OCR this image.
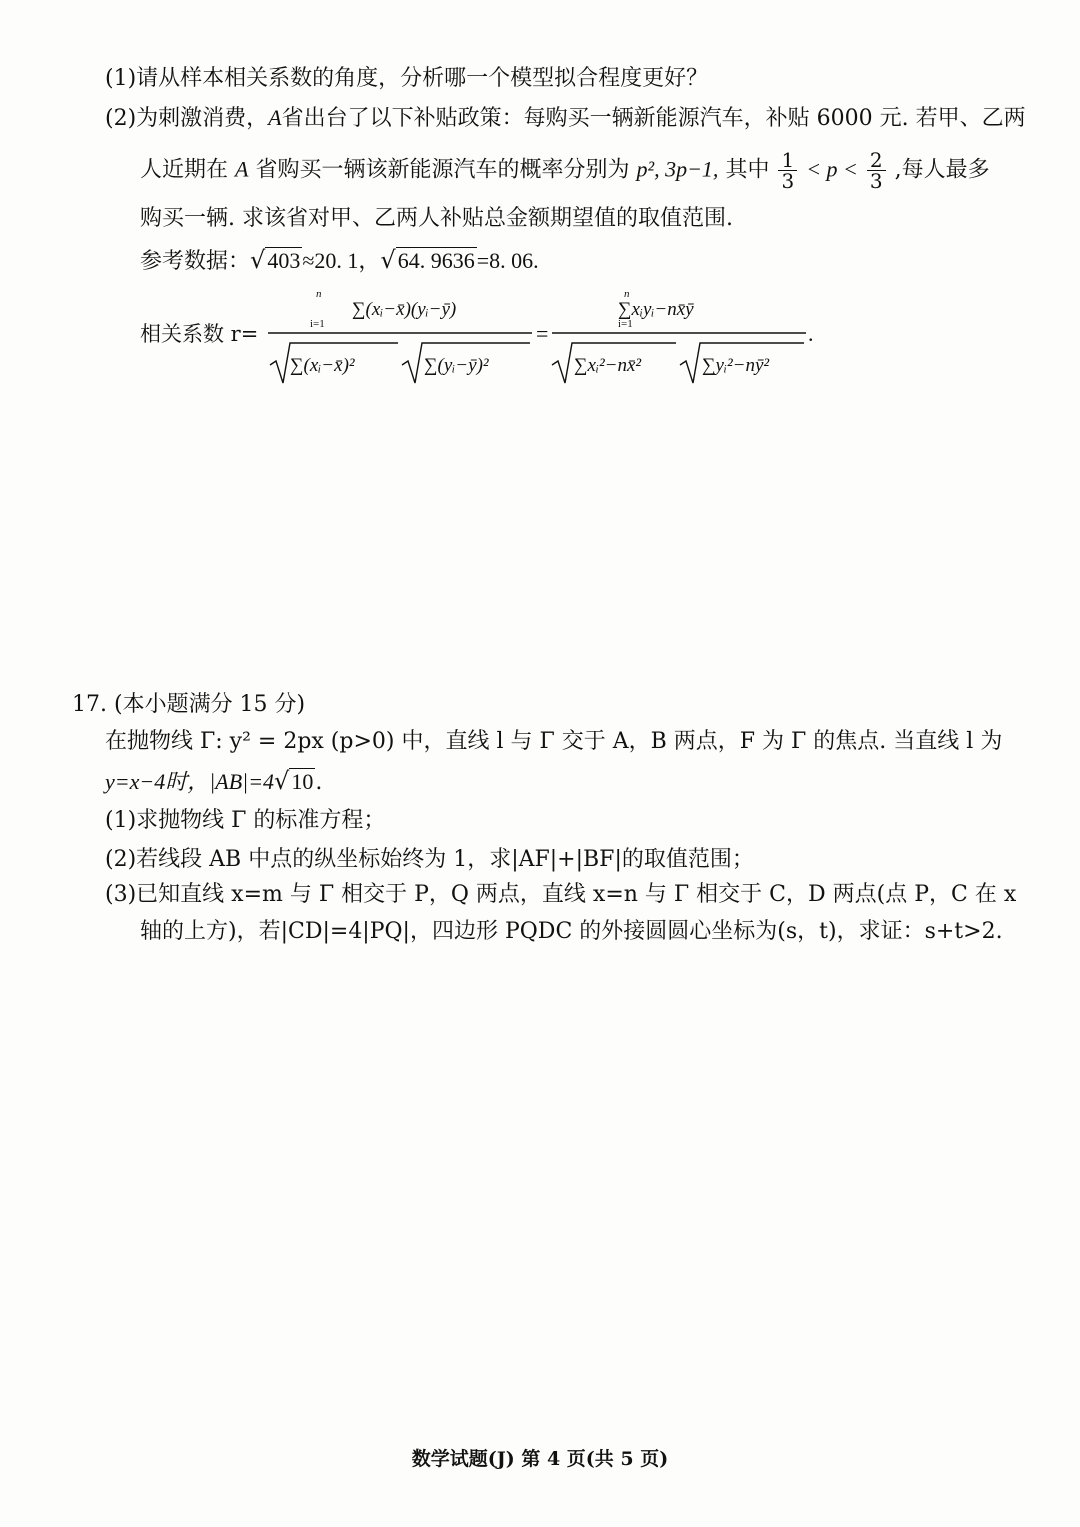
(1)请从样本相关系数的角度，分析哪一个模型拟合程度更好？
(2)为刺激消费，A省出台了以下补贴政策：每购买一辆新能源汽车，补贴 6000 元. 若甲、乙两
人近期在 A 省购买一辆该新能源汽车的概率分别为 p², 3p−1, 其中 $\frac{1}{3} < p < \frac{2}{3}$ ,每人最多
购买一辆. 求该省对甲、乙两人补贴总金额期望值的取值范围.
参考数据：√403≈20. 1，√64. 9636=8. 06.
相关系数 r=
n
∑(xᵢ−x̄)(yᵢ−ȳ)
i=1
∑(xᵢ−x̄)²	∑(yᵢ−ȳ)²
=
n
∑xᵢyᵢ−nx̄ȳ
i=1
∑xᵢ²−nx̄²	∑yᵢ²−nȳ²
.
17. (本小题满分 15 分)
在抛物线 Γ: y² = 2px (p>0) 中，直线 l 与 Γ 交于 A，B 两点，F 为 Γ 的焦点. 当直线 l 为
y=x−4时，|AB|=4√10.
(1)求抛物线 Γ 的标准方程；
(2)若线段 AB 中点的纵坐标始终为 1，求|AF|+|BF|的取值范围；
(3)已知直线 x=m 与 Γ 相交于 P，Q 两点，直线 x=n 与 Γ 相交于 C，D 两点(点 P，C 在 x
轴的上方)，若|CD|=4|PQ|，四边形 PQDC 的外接圆圆心坐标为(s，t)，求证：s+t>2.
数学试题(J) 第 4 页(共 5 页)
